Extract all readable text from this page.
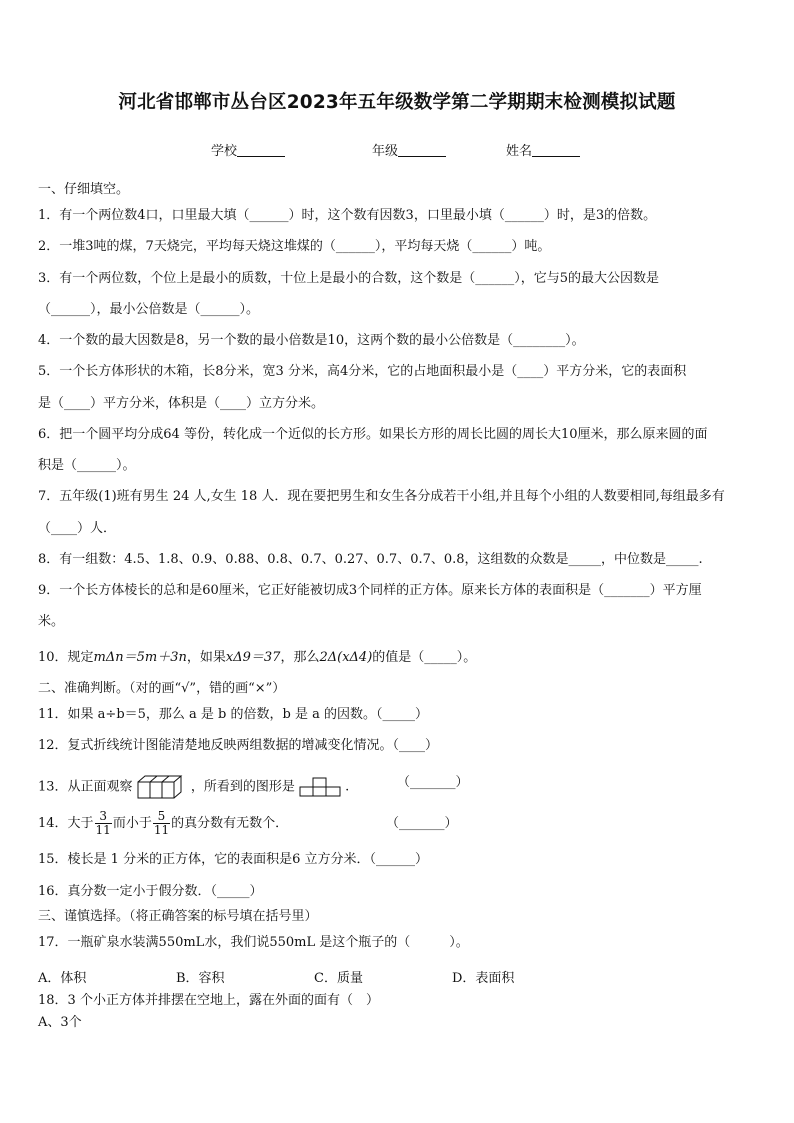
河北省邯郸市丛台区2023年五年级数学第二学期期末检测模拟试题
学校	年级	姓名
一、仔细填空。
1．有一个两位数4口，口里最大填（______）时，这个数有因数3，口里最小填（______）时，是3的倍数。
2．一堆3吨的煤，7天烧完，平均每天烧这堆煤的（______），平均每天烧（______）吨。
3．有一个两位数，个位上是最小的质数，十位上是最小的合数，这个数是（______），它与5的最大公因数是
（______），最小公倍数是（______）。
4．一个数的最大因数是8，另一个数的最小倍数是10，这两个数的最小公倍数是（________）。
5．一个长方体形状的木箱，长8分米，宽3 分米，高4分米，它的占地面积最小是（____）平方分米，它的表面积
是（____）平方分米，体积是（____）立方分米。
6．把一个圆平均分成64 等份，转化成一个近似的长方形。如果长方形的周长比圆的周长大10厘米，那么原来圆的面
积是（______）。
7．五年级(1)班有男生 24 人,女生 18 人．现在要把男生和女生各分成若干小组,并且每个小组的人数要相同,每组最多有
（____）人．
8．有一组数：4.5、1.8、0.9、0.88、0.8、0.7、0.27、0.7、0.7、0.8，这组数的众数是_____，中位数是_____.
9．一个长方体棱长的总和是60厘米，它正好能被切成3个同样的正方体。原来长方体的表面积是（_______）平方厘
米。
10．规定mΔn＝5m＋3n，如果xΔ9＝37，那么2Δ(xΔ4)的值是（_____）。
二、准确判断。（对的画“√”，错的画“×”）
11．如果 a÷b＝5，那么 a 是 b 的倍数，b 是 a 的因数。（_____）
12．复式折线统计图能清楚地反映两组数据的增减变化情况。（____）
13．从正面观察	，所看到的图形是	.	（_______）
14．大于 $\frac{3}{11}$ 而小于 $\frac{5}{11}$ 的真分数有无数个．	（_______）
15．棱长是 1 分米的正方体，它的表面积是6 立方分米．（______）
16．真分数一定小于假分数．（_____）
三、谨慎选择。（将正确答案的标号填在括号里）
17．一瓶矿泉水装满550mL水，我们说550mL 是这个瓶子的（　　　）。
A．体积	B．容积	C．质量	D．表面积
18．3 个小正方体并排摆在空地上，露在外面的面有（　）
A、3个
